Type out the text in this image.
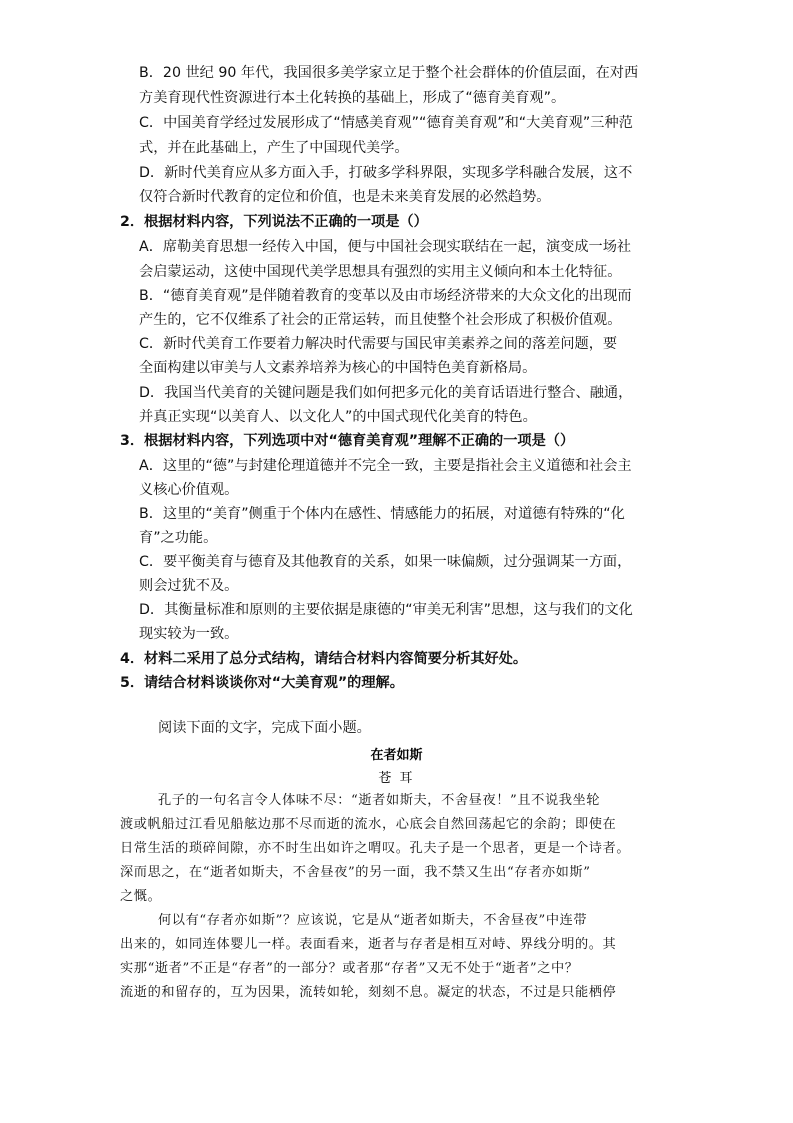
B．20 世纪 90 年代，我国很多美学家立足于整个社会群体的价值层面，在对西
方美育现代性资源进行本土化转换的基础上，形成了“德育美育观”。
C．中国美育学经过发展形成了“情感美育观”“德育美育观”和“大美育观”三种范
式，并在此基础上，产生了中国现代美学。
D．新时代美育应从多方面入手，打破多学科界限，实现多学科融合发展，这不
仅符合新时代教育的定位和价值，也是未来美育发展的必然趋势。
2．根据材料内容，下列说法不正确的一项是（）
A．席勒美育思想一经传入中国，便与中国社会现实联结在一起，演变成一场社
会启蒙运动，这使中国现代美学思想具有强烈的实用主义倾向和本土化特征。
B．“德育美育观”是伴随着教育的变革以及由市场经济带来的大众文化的出现而
产生的，它不仅维系了社会的正常运转，而且使整个社会形成了积极价值观。
C．新时代美育工作要着力解决时代需要与国民审美素养之间的落差问题，要
全面构建以审美与人文素养培养为核心的中国特色美育新格局。
D．我国当代美育的关键问题是我们如何把多元化的美育话语进行整合、融通，
并真正实现“以美育人、以文化人”的中国式现代化美育的特色。
3．根据材料内容，下列选项中对“德育美育观”理解不正确的一项是（）
A．这里的“德”与封建伦理道德并不完全一致，主要是指社会主义道德和社会主
义核心价值观。
B．这里的“美育”侧重于个体内在感性、情感能力的拓展，对道德有特殊的“化
育”之功能。
C．要平衡美育与德育及其他教育的关系，如果一味偏颇，过分强调某一方面，
则会过犹不及。
D．其衡量标准和原则的主要依据是康德的“审美无利害”思想，这与我们的文化
现实较为一致。
4．材料二采用了总分式结构，请结合材料内容简要分析其好处。
5．请结合材料谈谈你对“大美育观”的理解。
阅读下面的文字，完成下面小题。
在者如斯
苍 耳
孔子的一句名言令人体味不尽：“逝者如斯夫，不舍昼夜！”且不说我坐轮
渡或帆船过江看见船舷边那不尽而逝的流水，心底会自然回荡起它的余韵；即使在
日常生活的琐碎间隙，亦不时生出如许之喟叹。孔夫子是一个思者，更是一个诗者。
深而思之，在“逝者如斯夫，不舍昼夜”的另一面，我不禁又生出“存者亦如斯”
之慨。
何以有“存者亦如斯”？应该说，它是从“逝者如斯夫，不舍昼夜”中连带
出来的，如同连体婴儿一样。表面看来，逝者与存者是相互对峙、界线分明的。其
实那“逝者”不正是“存者”的一部分？或者那“存者”又无不处于“逝者”之中？
流逝的和留存的，互为因果，流转如轮，刻刻不息。凝定的状态，不过是只能栖停
